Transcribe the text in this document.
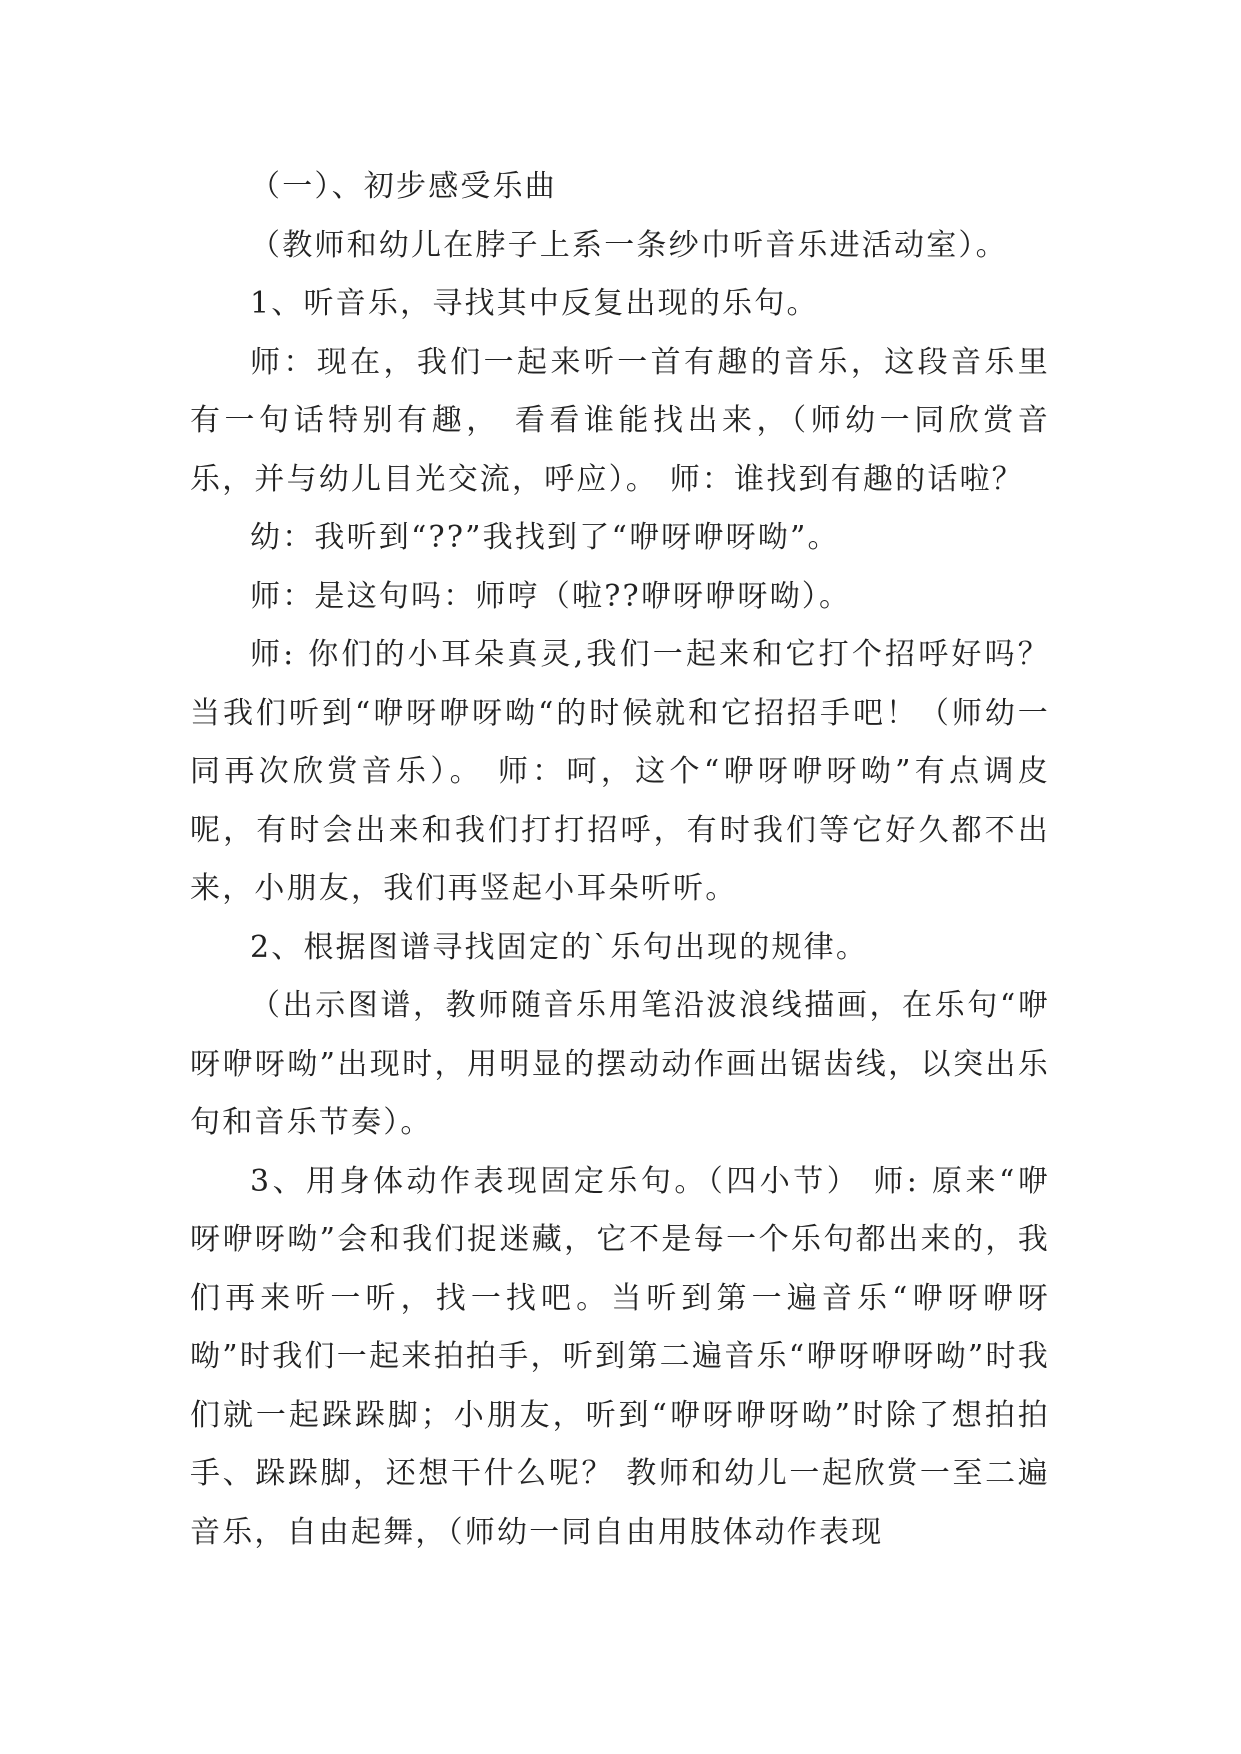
（一）、初步感受乐曲

（教师和幼儿在脖子上系一条纱巾听音乐进活动室）。

1、听音乐，寻找其中反复出现的乐句。

师：现在，我们一起来听一首有趣的音乐，这段音乐里有一句话特别有趣， 看看谁能找出来，（师幼一同欣赏音乐，并与幼儿目光交流，呼应）。 师：谁找到有趣的话啦？

幼：我听到“??”我找到了“咿呀咿呀呦”。

师：是这句吗：师哼（啦??咿呀咿呀呦）。

师: 你们的小耳朵真灵,我们一起来和它打个招呼好吗？当我们听到“咿呀咿呀呦“的时候就和它招招手吧！（师幼一同再次欣赏音乐）。 师：呵，这个“咿呀咿呀呦”有点调皮呢，有时会出来和我们打打招呼，有时我们等它好久都不出来，小朋友，我们再竖起小耳朵听听。

2、根据图谱寻找固定的`乐句出现的规律。

（出示图谱，教师随音乐用笔沿波浪线描画，在乐句“咿呀咿呀呦”出现时，用明显的摆动动作画出锯齿线，以突出乐句和音乐节奏）。

3、用身体动作表现固定乐句。（四小节） 师: 原来“咿呀咿呀呦”会和我们捉迷藏，它不是每一个乐句都出来的，我们再来听一听，找一找吧。当听到第一遍音乐“咿呀咿呀呦”时我们一起来拍拍手，听到第二遍音乐“咿呀咿呀呦”时我们就一起跺跺脚；小朋友，听到“咿呀咿呀呦”时除了想拍拍手、跺跺脚，还想干什么呢？ 教师和幼儿一起欣赏一至二遍音乐，自由起舞，（师幼一同自由用肢体动作表现
